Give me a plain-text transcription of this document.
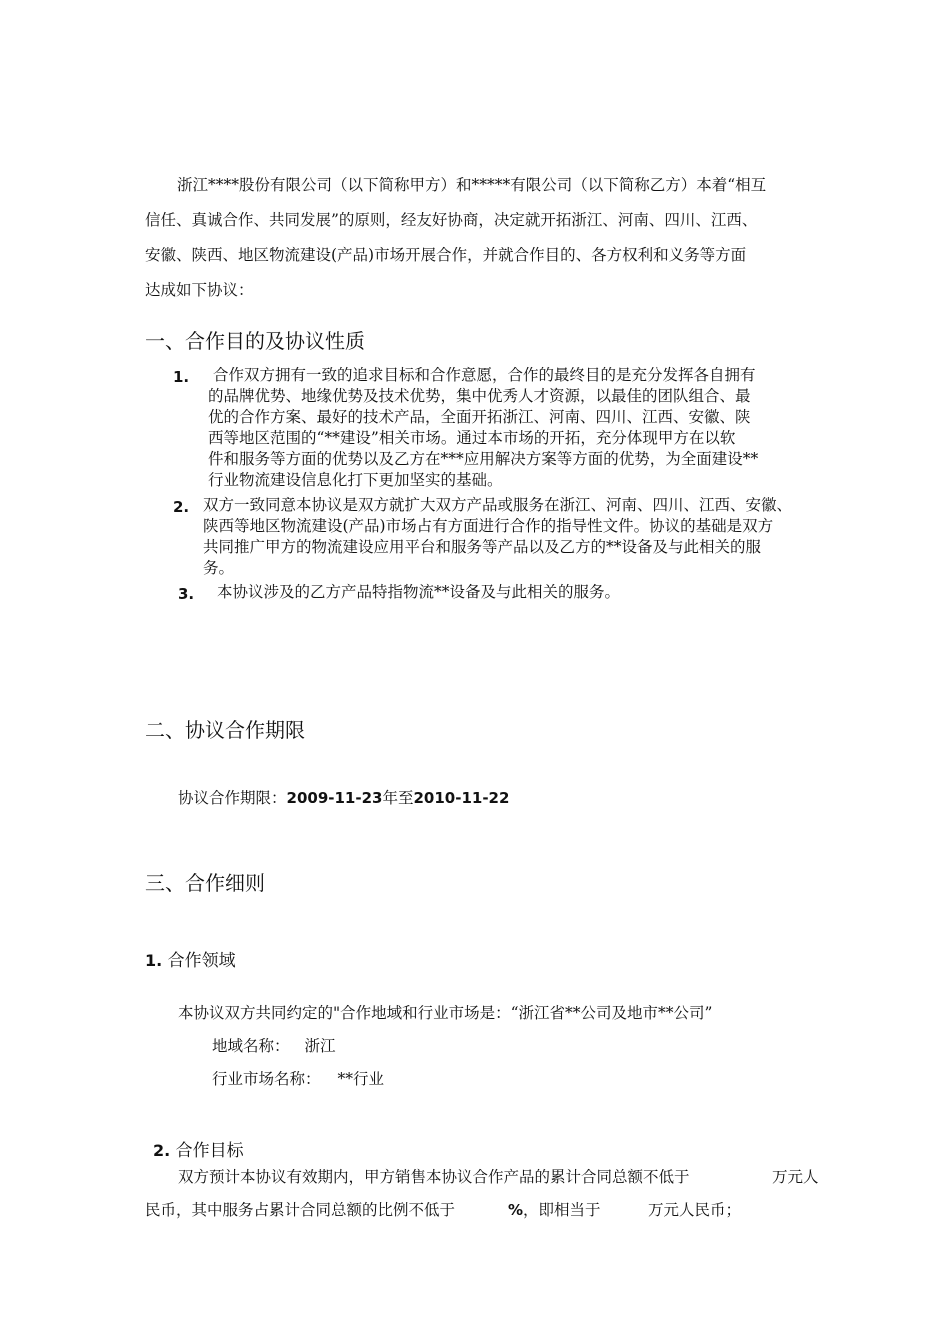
浙江****股份有限公司（以下简称甲方）和*****有限公司（以下简称乙方）本着“相互
信任、真诚合作、共同发展”的原则，经友好协商，决定就开拓浙江、河南、四川、江西、
安徽、陕西、地区物流建设(产品)市场开展合作，并就合作目的、各方权利和义务等方面
达成如下协议：
一、合作目的及协议性质
1. 合作双方拥有一致的追求目标和合作意愿，合作的最终目的是充分发挥各自拥有
的品牌优势、地缘优势及技术优势，集中优秀人才资源，以最佳的团队组合、最
优的合作方案、最好的技术产品，全面开拓浙江、河南、四川、江西、安徽、陕
西等地区范围的“**建设”相关市场。通过本市场的开拓，充分体现甲方在以软
件和服务等方面的优势以及乙方在***应用解决方案等方面的优势，为全面建设**
行业物流建设信息化打下更加坚实的基础。
2. 双方一致同意本协议是双方就扩大双方产品或服务在浙江、河南、四川、江西、安徽、
陕西等地区物流建设(产品)市场占有方面进行合作的指导性文件。协议的基础是双方
共同推广甲方的物流建设应用平台和服务等产品以及乙方的**设备及与此相关的服
务。
3. 本协议涉及的乙方产品特指物流**设备及与此相关的服务。
二、协议合作期限
协议合作期限：2009-11-23年至2010-11-22
三、合作细则
1. 合作领域
本协议双方共同约定的"合作地域和行业市场是：“浙江省**公司及地市**公司”
地域名称： 浙江
行业市场名称： **行业
2. 合作目标
双方预计本协议有效期内，甲方销售本协议合作产品的累计合同总额不低于	万元人
民币，其中服务占累计合同总额的比例不低于	%，即相当于	万元人民币；
